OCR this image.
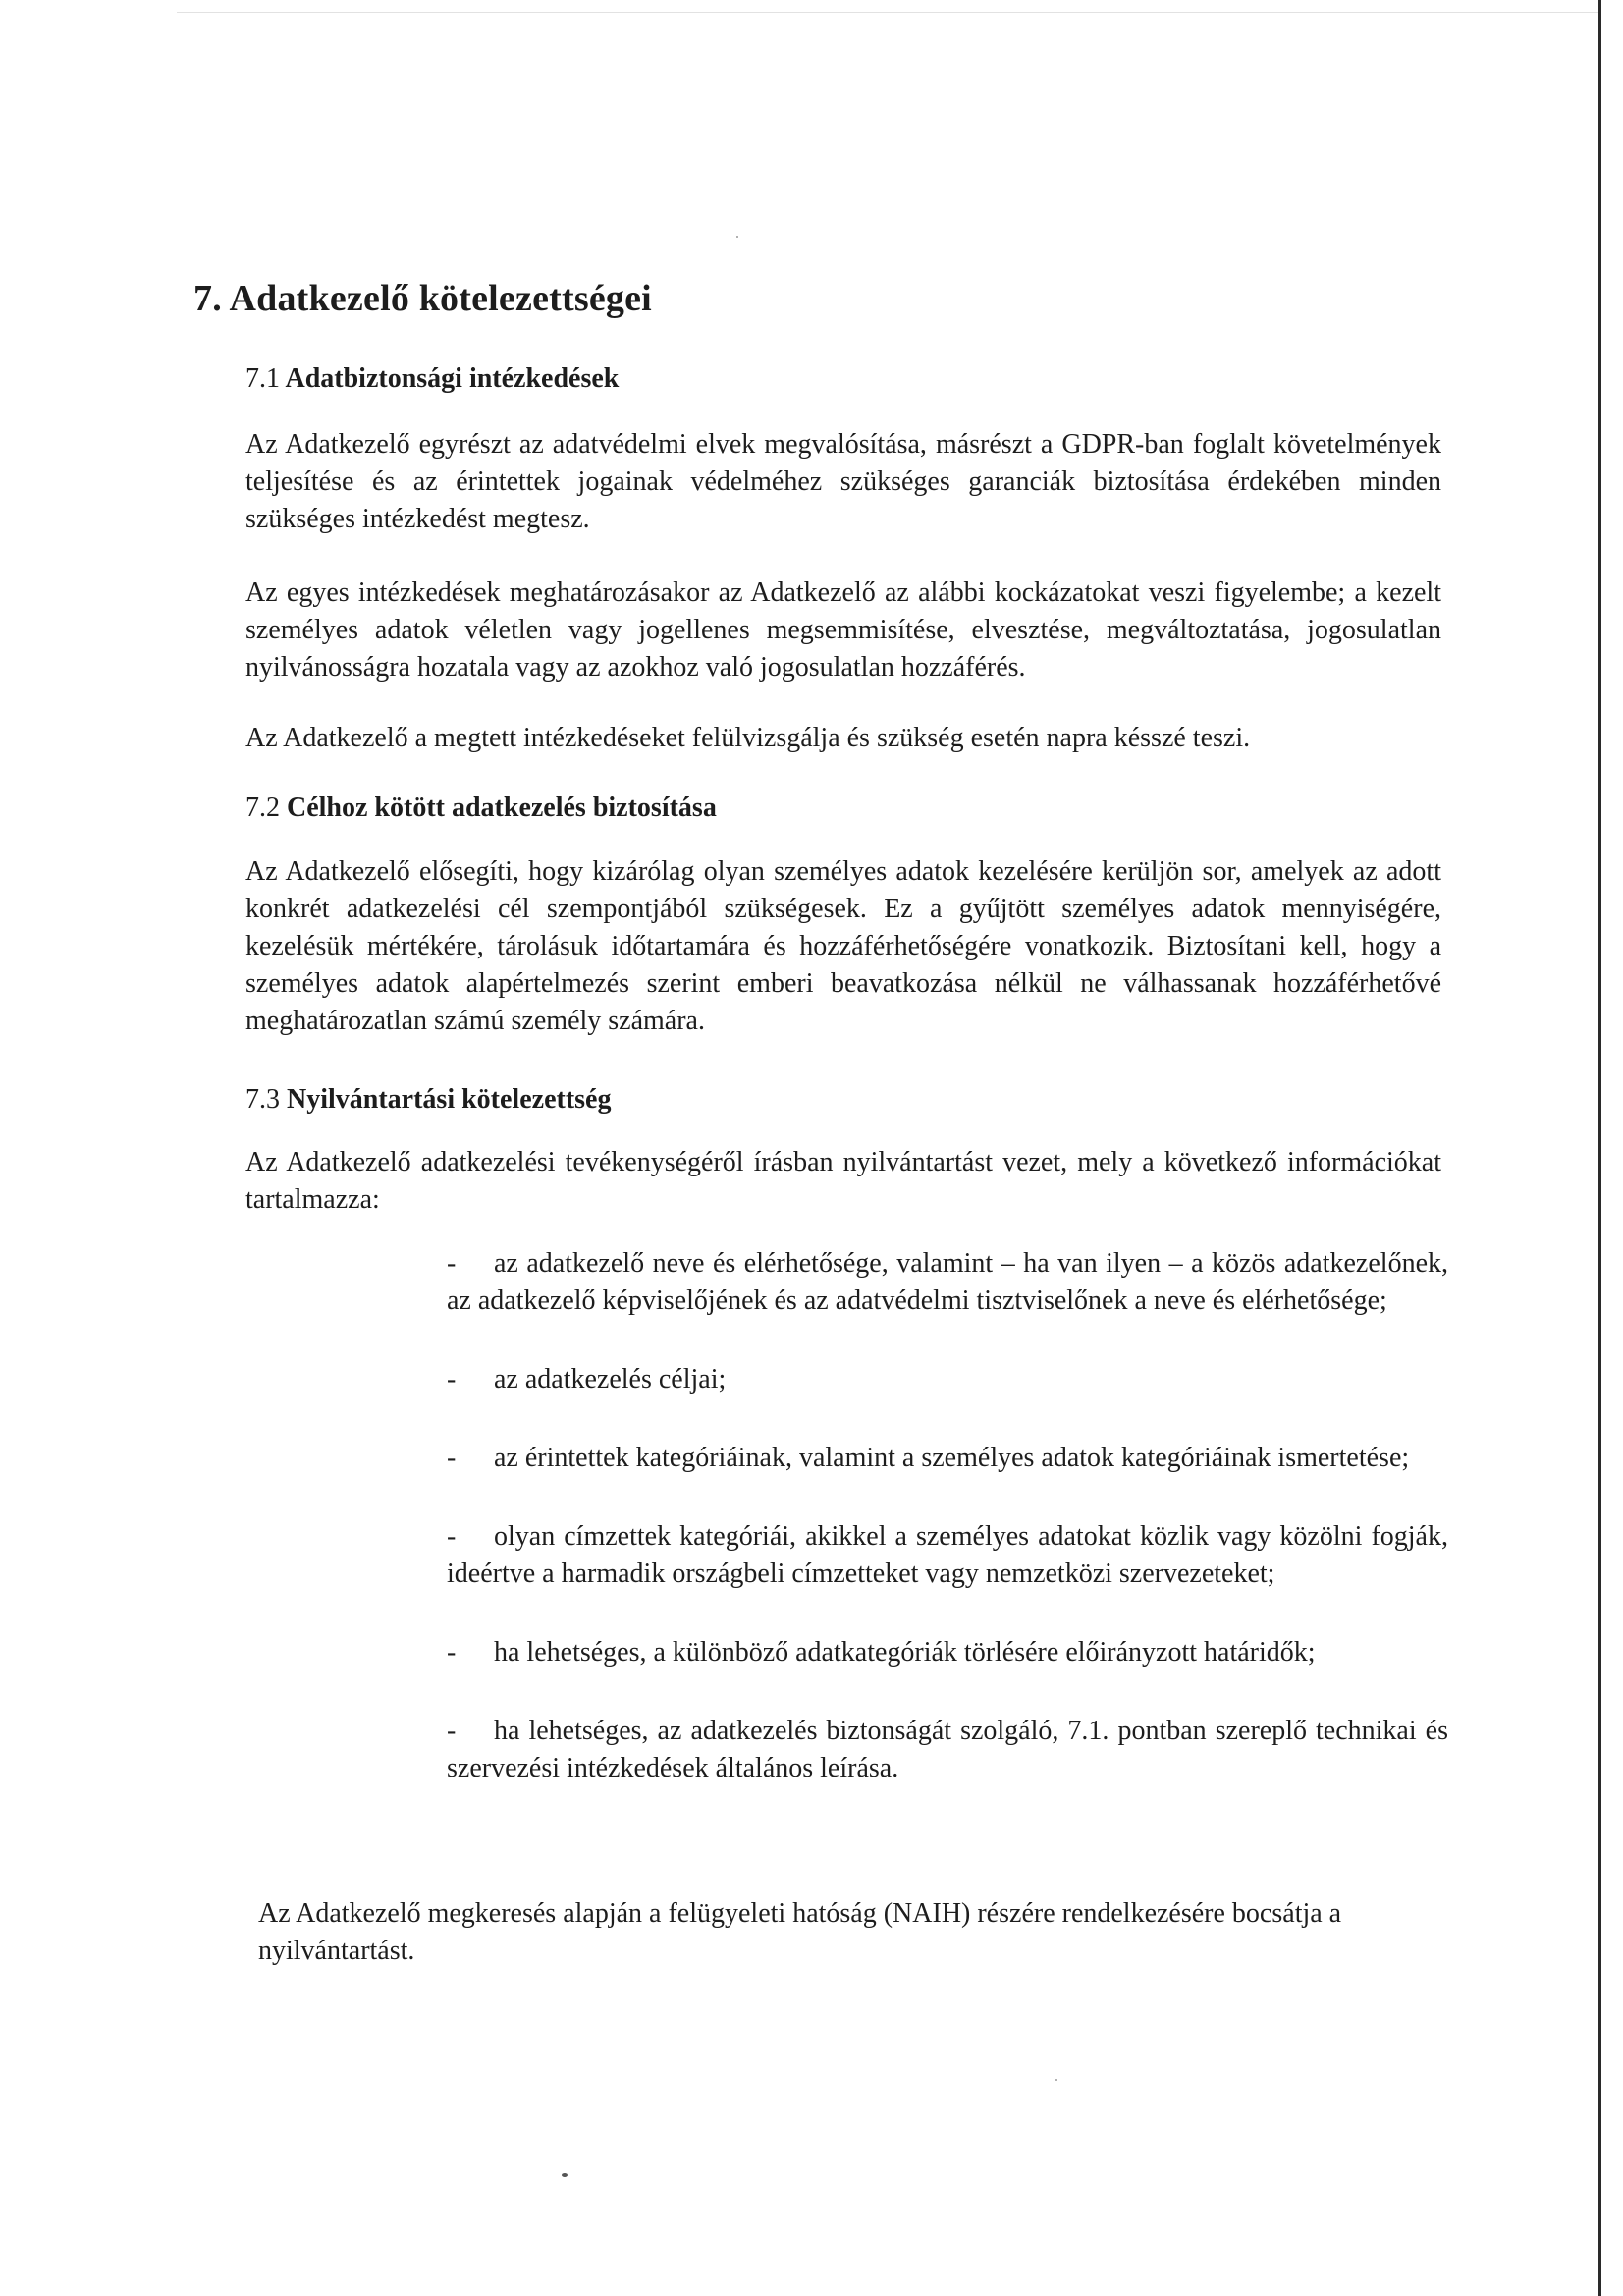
7. Adatkezelő kötelezettségei
7.1 Adatbiztonsági intézkedések

Az Adatkezelő egyrészt az adatvédelmi elvek megvalósítása, másrészt a GDPR-ban foglalt követelmények teljesítése és az érintettek jogainak védelméhez szükséges garanciák biztosítása érdekében minden szükséges intézkedést megtesz.

Az egyes intézkedések meghatározásakor az Adatkezelő az alábbi kockázatokat veszi figyelembe; a kezelt személyes adatok véletlen vagy jogellenes megsemmisítése, elvesztése, megváltoztatása, jogosulatlan nyilvánosságra hozatala vagy az azokhoz való jogosulatlan hozzáférés.

Az Adatkezelő a megtett intézkedéseket felülvizsgálja és szükség esetén napra késszé teszi.

7.2 Célhoz kötött adatkezelés biztosítása

Az Adatkezelő elősegíti, hogy kizárólag olyan személyes adatok kezelésére kerüljön sor, amelyek az adott konkrét adatkezelési cél szempontjából szükségesek. Ez a gyűjtött személyes adatok mennyiségére, kezelésük mértékére, tárolásuk időtartamára és hozzáférhetőségére vonatkozik. Biztosítani kell, hogy a személyes adatok alapértelmezés szerint emberi beavatkozása nélkül ne válhassanak hozzáférhetővé meghatározatlan számú személy számára.

7.3 Nyilvántartási kötelezettség

Az Adatkezelő adatkezelési tevékenységéről írásban nyilvántartást vezet, mely a következő információkat tartalmazza:

- az adatkezelő neve és elérhetősége, valamint – ha van ilyen – a közös adatkezelőnek, az adatkezelő képviselőjének és az adatvédelmi tisztviselőnek a neve és elérhetősége;
- az adatkezelés céljai;
- az érintettek kategóriáinak, valamint a személyes adatok kategóriáinak ismertetése;
- olyan címzettek kategóriái, akikkel a személyes adatokat közlik vagy közölni fogják, ideértve a harmadik országbeli címzetteket vagy nemzetközi szervezeteket;
- ha lehetséges, a különböző adatkategóriák törlésére előirányzott határidők;
- ha lehetséges, az adatkezelés biztonságát szolgáló, 7.1. pontban szereplő technikai és szervezési intézkedések általános leírása.

Az Adatkezelő megkeresés alapján a felügyeleti hatóság (NAIH) részére rendelkezésére bocsátja a nyilvántartást.
